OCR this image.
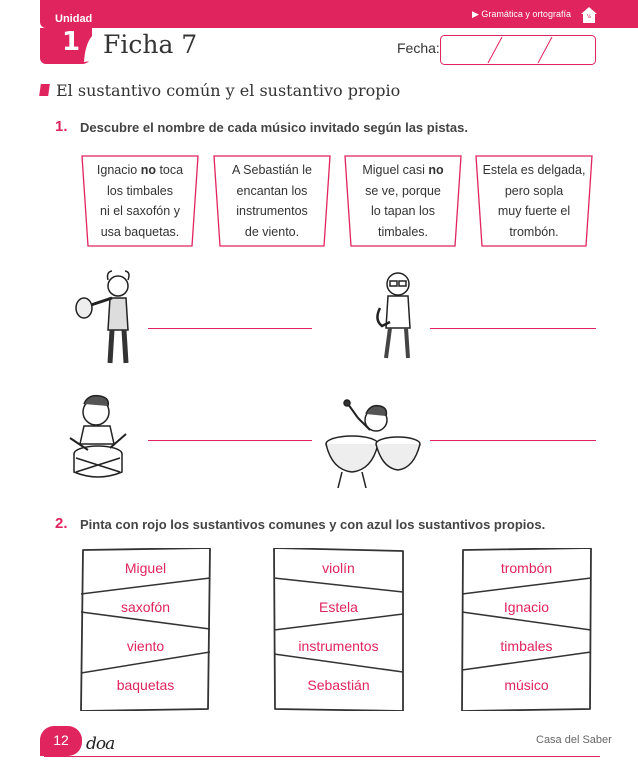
Unidad	▶ Gramática y ortografía	½
1 Ficha 7	Fecha:
El sustantivo común y el sustantivo propio
1. Descubre el nombre de cada músico invitado según las pistas.
Ignacio no toca
los timbales
ni el saxofón y
usa baquetas.
A Sebastián le
encantan los
instrumentos
de viento.
Miguel casi no
se ve, porque
lo tapan los
timbales.
Estela es delgada,
pero sopla
muy fuerte el
trombón.
2. Pinta con rojo los sustantivos comunes y con azul los sustantivos propios.
Miguel
saxofón
viento
baquetas
violín
Estela
instrumentos
Sebastián
trombón
Ignacio
timbales
músico
12	doa	Casa del Saber
